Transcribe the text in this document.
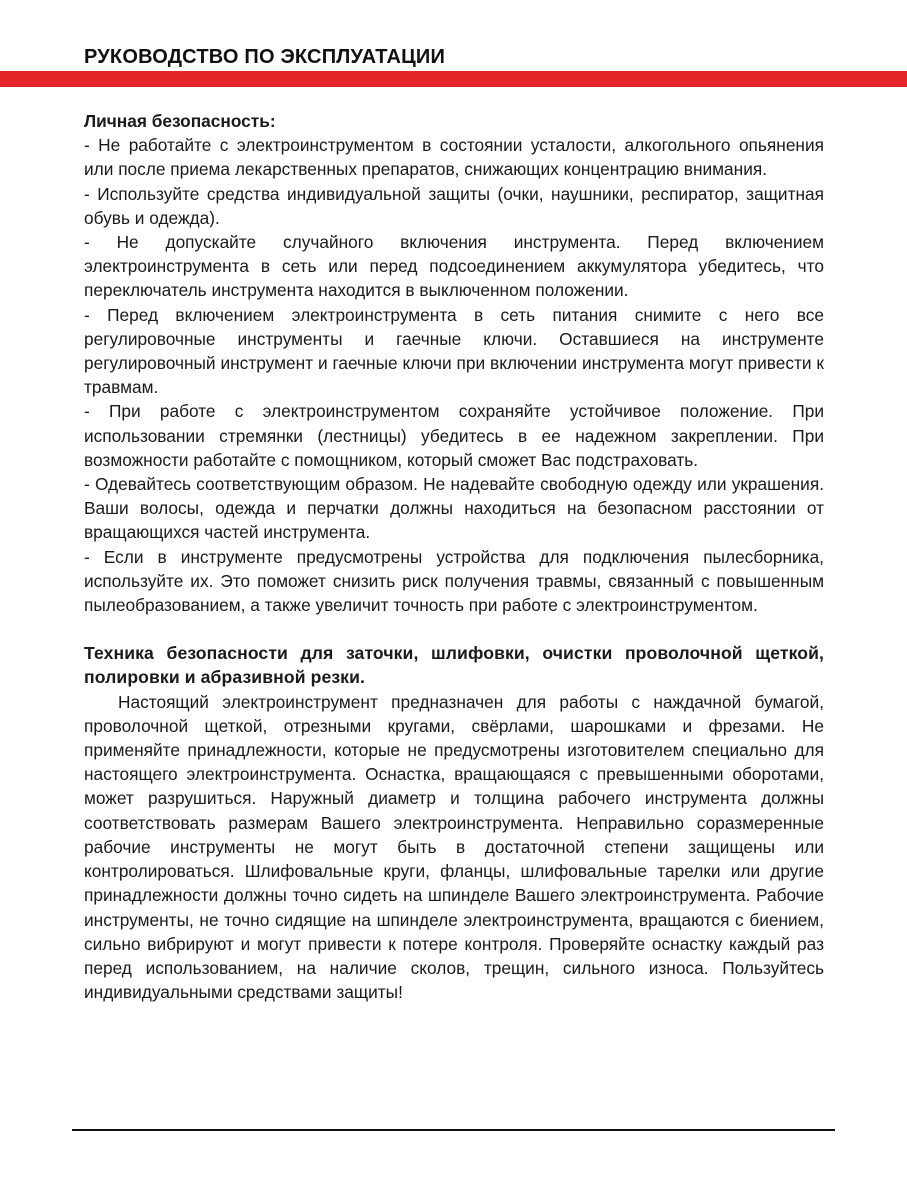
РУКОВОДСТВО ПО ЭКСПЛУАТАЦИИ

Личная безопасность:

- Не работайте с электроинструментом в состоянии усталости, алкогольного опьянения или после приема лекарственных препаратов, снижающих концентрацию внимания.

- Используйте средства индивидуальной защиты (очки, наушники, респиратор, защитная обувь и одежда).

- Не допускайте случайного включения инструмента. Перед включением электроинструмента в сеть или перед подсоединением аккумулятора убедитесь, что переключатель инструмента находится в выключенном положении.

- Перед включением электроинструмента в сеть питания снимите с него все регулировочные инструменты и гаечные ключи. Оставшиеся на инструменте регулировочный инструмент и гаечные ключи при включении инструмента могут привести к травмам.

- При работе с электроинструментом сохраняйте устойчивое положение. При использовании стремянки (лестницы) убедитесь в ее надежном закреплении. При возможности работайте с помощником, который сможет Вас подстраховать.

- Одевайтесь соответствующим образом. Не надевайте свободную одежду или украшения. Ваши волосы, одежда и перчатки должны находиться на безопасном расстоянии от вращающихся частей инструмента.

- Если в инструменте предусмотрены устройства для подключения пылесборника, используйте их. Это поможет снизить риск получения травмы, связанный с повышенным пылеобразованием, а также увеличит точность при работе с электроинструментом.

Техника безопасности для заточки, шлифовки, очистки проволочной щеткой, полировки и абразивной резки.

Настоящий электроинструмент предназначен для работы с наждачной бумагой, проволочной щеткой, отрезными кругами, свёрлами, шарошками и фрезами. Не применяйте принадлежности, которые не предусмотрены изготовителем специально для настоящего электроинструмента. Оснастка, вращающаяся с превышенными оборотами, может разрушиться. Наружный диаметр и толщина рабочего инструмента должны соответствовать размерам Вашего электроинструмента. Неправильно соразмеренные рабочие инструменты не могут быть в достаточной степени защищены или контролироваться. Шлифовальные круги, фланцы, шлифовальные тарелки или другие принадлежности должны точно сидеть на шпинделе Вашего электроинструмента. Рабочие инструменты, не точно сидящие на шпинделе электроинструмента, вращаются с биением, сильно вибрируют и могут привести к потере контроля. Проверяйте оснастку каждый раз перед использованием, на наличие сколов, трещин, сильного износа. Пользуйтесь индивидуальными средствами защиты!
